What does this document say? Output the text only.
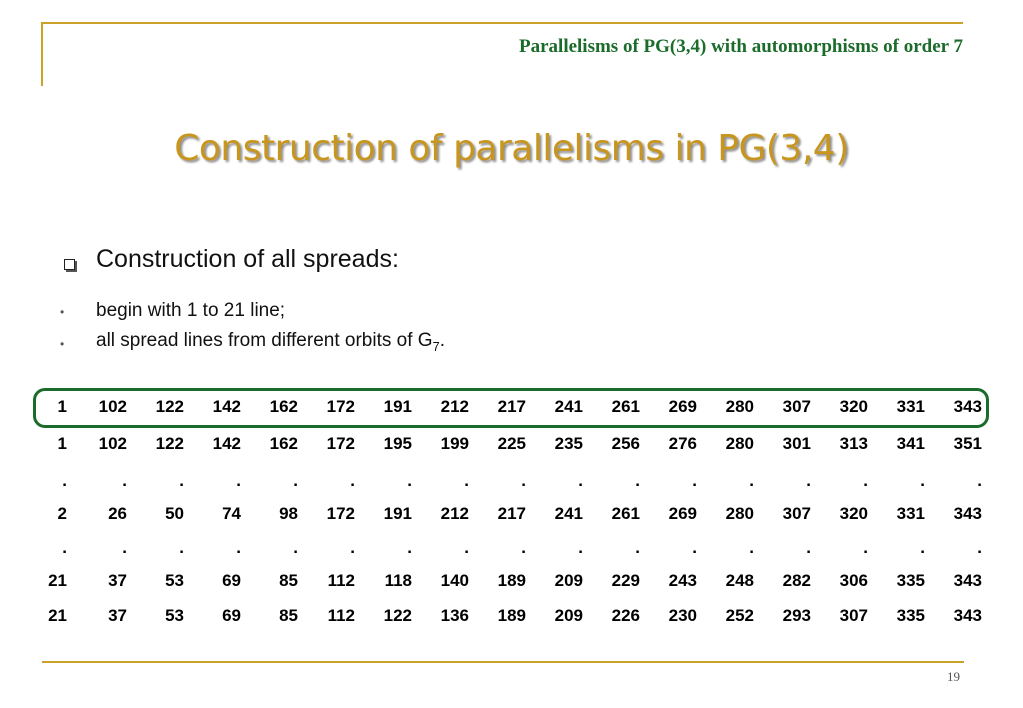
Parallelisms of PG(3,4) with automorphisms of order 7
Construction of parallelisms in PG(3,4)
Construction of all spreads:
• begin with 1 to 21 line;
• all spread lines from different orbits of $G_7$.
1	102	122	142	162	172	191	212	217	241	261	269	280	307	320	331	343
1	102	122	142	162	172	195	199	225	235	256	276	280	301	313	341	351
.	.	.	.	.	.	.	.	.	.	.	.	.	.	.	.	.
2	26	50	74	98	172	191	212	217	241	261	269	280	307	320	331	343
.	.	.	.	.	.	.	.	.	.	.	.	.	.	.	.	.
21	37	53	69	85	112	118	140	189	209	229	243	248	282	306	335	343
21	37	53	69	85	112	122	136	189	209	226	230	252	293	307	335	343
19
